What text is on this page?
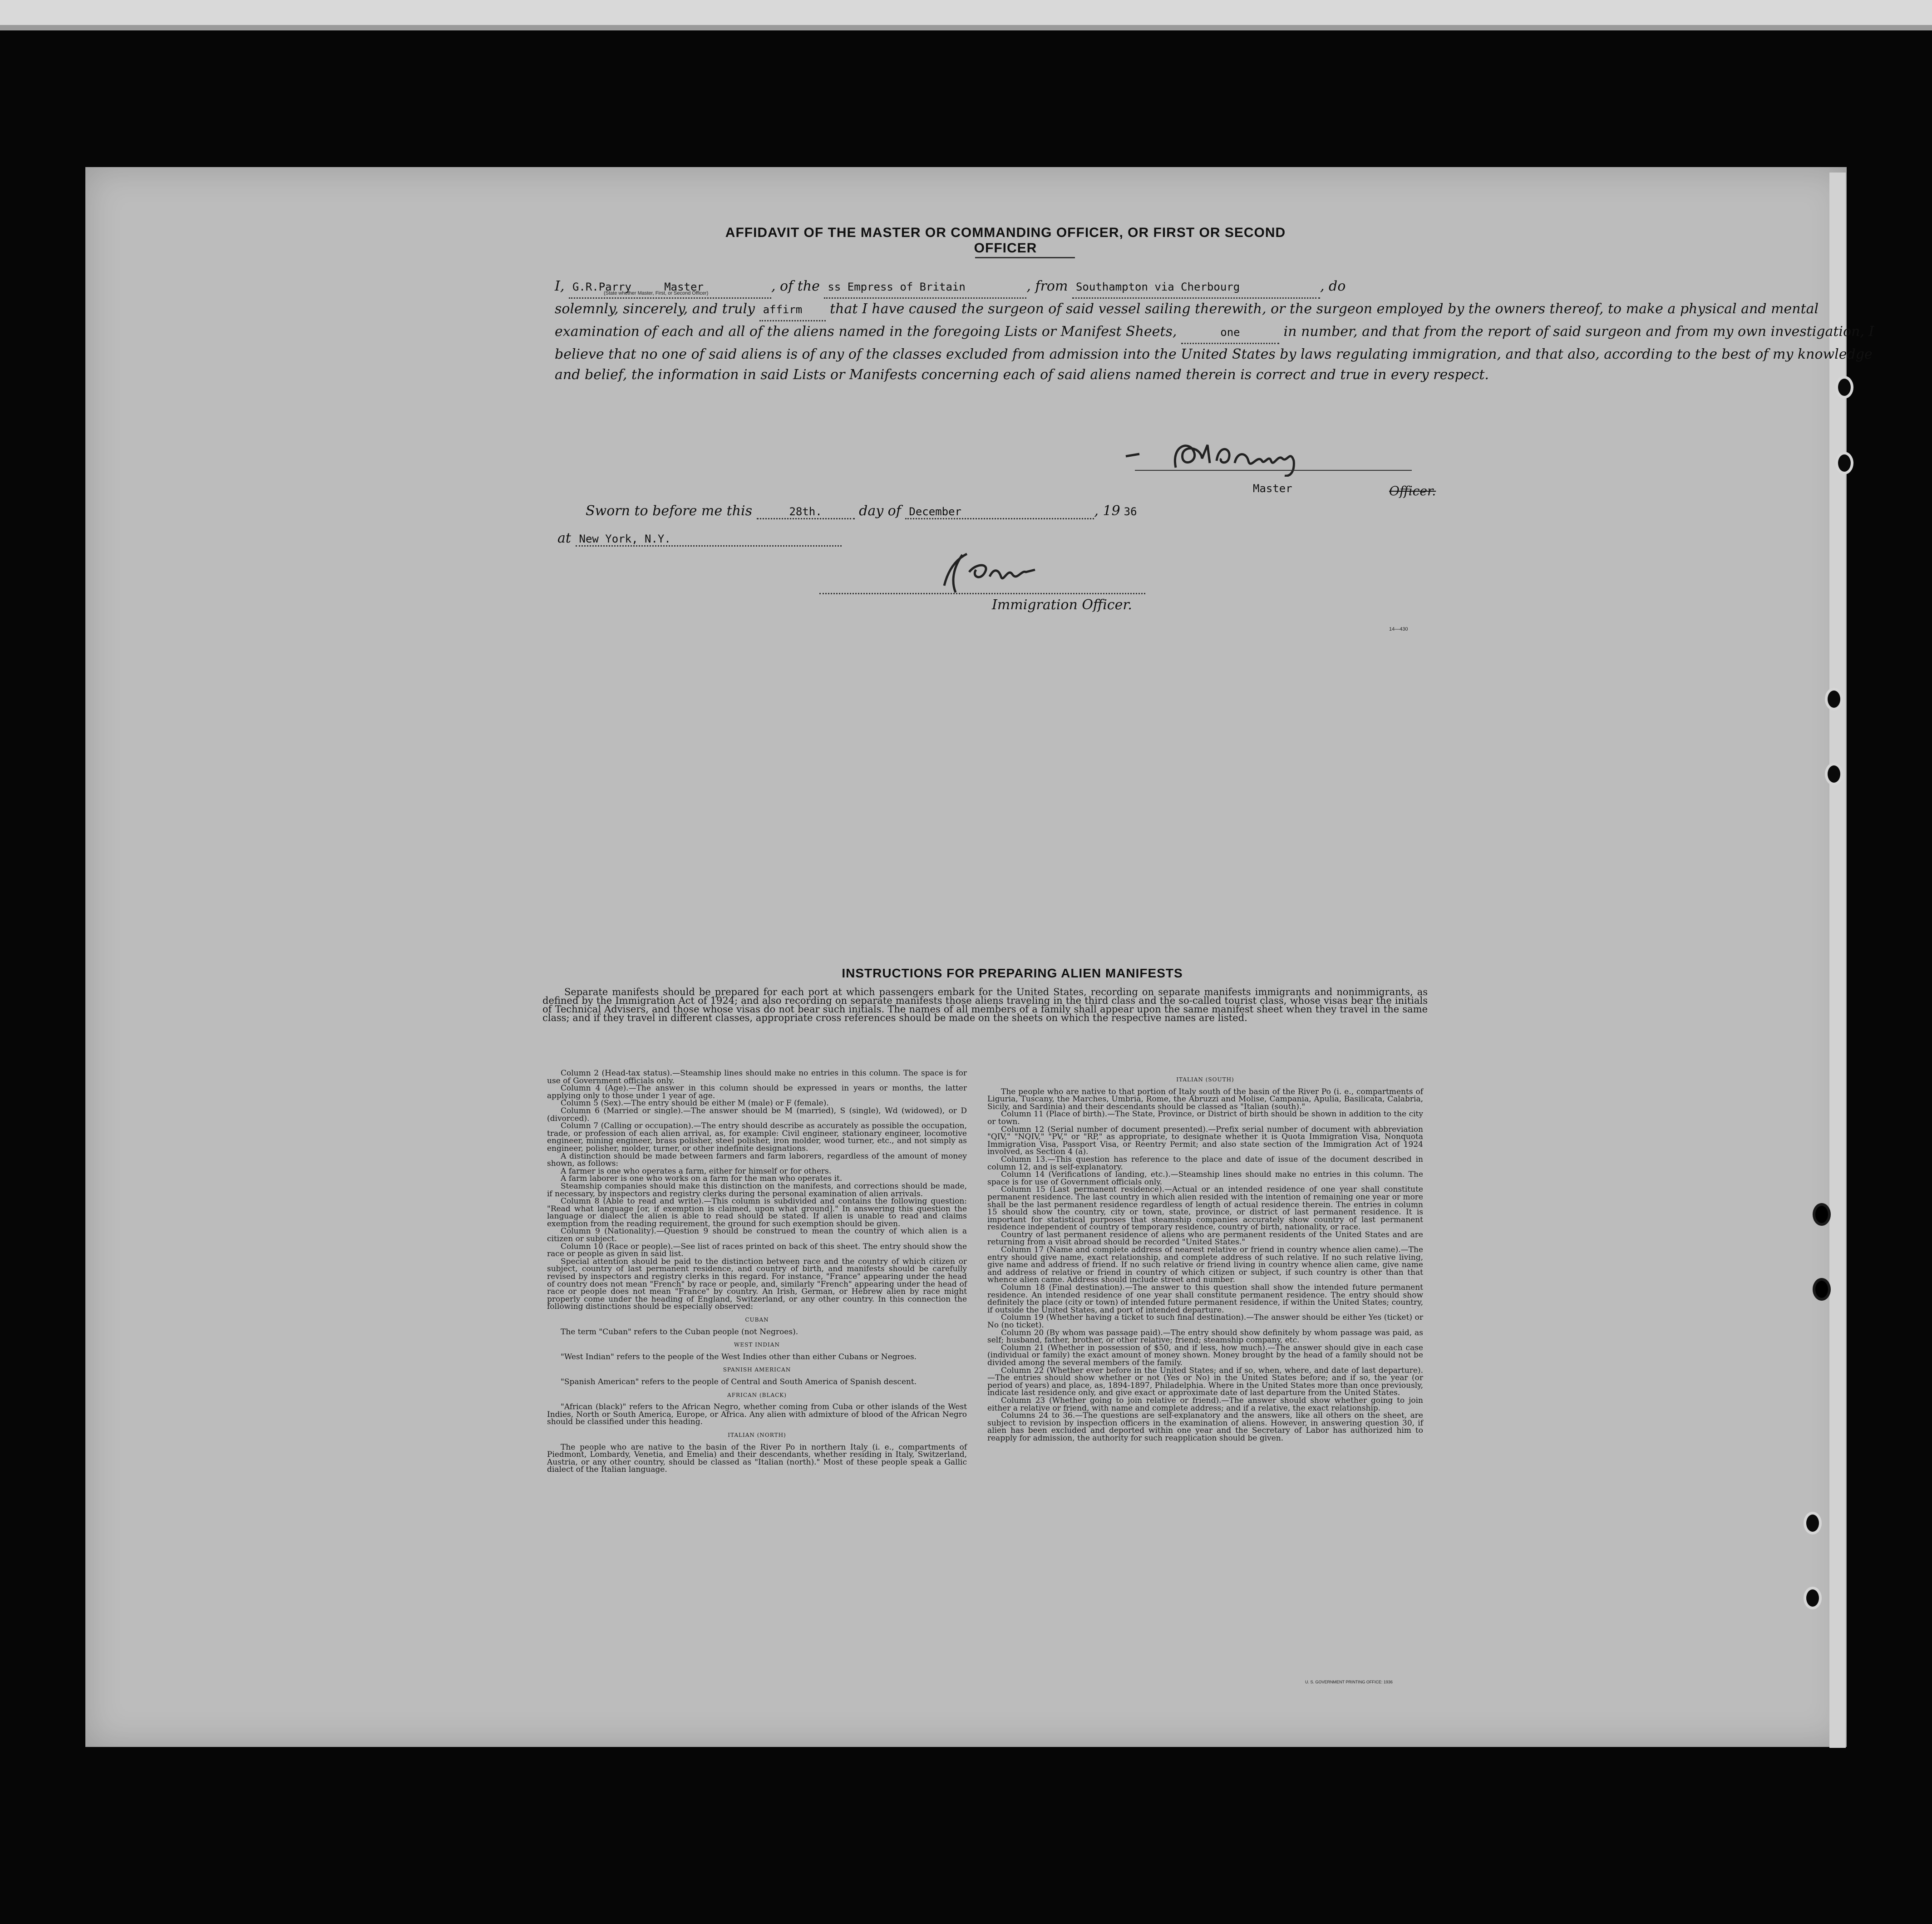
AFFIDAVIT OF THE MASTER OR COMMANDING OFFICER, OR FIRST OR SECOND OFFICER

I, G.R.Parry	Master	, of the ss Empress of Britain	, from Southampton via Cherbourg	, do

solemnly, sincerely, and truly affirm that I have caused the surgeon of said vessel sailing therewith, or the surgeon employed by the owners thereof, to make a physical and mental examination of each and all of the aliens named in the foregoing Lists or Manifest Sheets,	one	in number, and that from the report of said surgeon and from my own investigation, I believe that no one of said aliens is of any of the classes excluded from admission into the United States by laws regulating immigration, and that also, according to the best of my knowledge and belief, the information in said Lists or Manifests concerning each of said aliens named therein is correct and true in every respect.

(State whether Master, First, or Second Officer)
Master	Officer.
Sworn to before me this	28th.	day of December	, 19 36
at New York, N.Y.
Immigration Officer.
14—430
INSTRUCTIONS FOR PREPARING ALIEN MANIFESTS

Separate manifests should be prepared for each port at which passengers embark for the United States, recording on separate manifests immigrants and nonimmigrants, as defined by the Immigration Act of 1924; and also recording on separate manifests those aliens traveling in the third class and the so-called tourist class, whose visas bear the initials of Technical Advisers, and those whose visas do not bear such initials. The names of all members of a family shall appear upon the same manifest sheet when they travel in the same class; and if they travel in different classes, appropriate cross references should be made on the sheets on which the respective names are listed.

Column 2 (Head-tax status).—Steamship lines should make no entries in this column. The space is for use of Government officials only.

Column 4 (Age).—The answer in this column should be expressed in years or months, the latter applying only to those under 1 year of age.

Column 5 (Sex).—The entry should be either M (male) or F (female).

Column 6 (Married or single).—The answer should be M (married), S (single), Wd (widowed), or D (divorced).

Column 7 (Calling or occupation).—The entry should describe as accurately as possible the occupation, trade, or profession of each alien arrival, as, for example: Civil engineer, stationary engineer, locomotive engineer, mining engineer, brass polisher, steel polisher, iron molder, wood turner, etc., and not simply as engineer, polisher, molder, turner, or other indefinite designations.

A distinction should be made between farmers and farm laborers, regardless of the amount of money shown, as follows:

A farmer is one who operates a farm, either for himself or for others.

A farm laborer is one who works on a farm for the man who operates it.

Steamship companies should make this distinction on the manifests, and corrections should be made, if necessary, by inspectors and registry clerks during the personal examination of alien arrivals.

Column 8 (Able to read and write).—This column is subdivided and contains the following question: "Read what language [or, if exemption is claimed, upon what ground]." In answering this question the language or dialect the alien is able to read should be stated. If alien is unable to read and claims exemption from the reading requirement, the ground for such exemption should be given.

Column 9 (Nationality).—Question 9 should be construed to mean the country of which alien is a citizen or subject.

Column 10 (Race or people).—See list of races printed on back of this sheet. The entry should show the race or people as given in said list.

Special attention should be paid to the distinction between race and the country of which citizen or subject, country of last permanent residence, and country of birth, and manifests should be carefully revised by inspectors and registry clerks in this regard. For instance, "France" appearing under the head of country does not mean "French" by race or people, and, similarly "French" appearing under the head of race or people does not mean "France" by country. An Irish, German, or Hebrew alien by race might properly come under the heading of England, Switzerland, or any other country. In this connection the following distinctions should be especially observed:

CUBAN

The term "Cuban" refers to the Cuban people (not Negroes).

WEST INDIAN

"West Indian" refers to the people of the West Indies other than either Cubans or Negroes.

SPANISH AMERICAN

"Spanish American" refers to the people of Central and South America of Spanish descent.

AFRICAN (BLACK)

"African (black)" refers to the African Negro, whether coming from Cuba or other islands of the West Indies, North or South America, Europe, or Africa. Any alien with admixture of blood of the African Negro should be classified under this heading.

ITALIAN (NORTH)

The people who are native to the basin of the River Po in northern Italy (i. e., compartments of Piedmont, Lombardy, Venetia, and Emelia) and their descendants, whether residing in Italy, Switzerland, Austria, or any other country, should be classed as "Italian (north)." Most of these people speak a Gallic dialect of the Italian language.

ITALIAN (SOUTH)

The people who are native to that portion of Italy south of the basin of the River Po (i. e., compartments of Liguria, Tuscany, the Marches, Umbria, Rome, the Abruzzi and Molise, Campania, Apulia, Basilicata, Calabria, Sicily, and Sardinia) and their descendants should be classed as "Italian (south)."

Column 11 (Place of birth).—The State, Province, or District of birth should be shown in addition to the city or town.

Column 12 (Serial number of document presented).—Prefix serial number of document with abbreviation "QIV," "NQIV," "PV," or "RP," as appropriate, to designate whether it is Quota Immigration Visa, Nonquota Immigration Visa, Passport Visa, or Reentry Permit; and also state section of the Immigration Act of 1924 involved, as Section 4 (a).

Column 13.—This question has reference to the place and date of issue of the document described in column 12, and is self-explanatory.

Column 14 (Verifications of landing, etc.).—Steamship lines should make no entries in this column. The space is for use of Government officials only.

Column 15 (Last permanent residence).—Actual or an intended residence of one year shall constitute permanent residence. The last country in which alien resided with the intention of remaining one year or more shall be the last permanent residence regardless of length of actual residence therein. The entries in column 15 should show the country, city or town, state, province, or district of last permanent residence. It is important for statistical purposes that steamship companies accurately show country of last permanent residence independent of country of temporary residence, country of birth, nationality, or race.

Country of last permanent residence of aliens who are permanent residents of the United States and are returning from a visit abroad should be recorded "United States."

Column 17 (Name and complete address of nearest relative or friend in country whence alien came).—The entry should give name, exact relationship, and complete address of such relative. If no such relative living, give name and address of friend. If no such relative or friend living in country whence alien came, give name and address of relative or friend in country of which citizen or subject, if such country is other than that whence alien came. Address should include street and number.

Column 18 (Final destination).—The answer to this question shall show the intended future permanent residence. An intended residence of one year shall constitute permanent residence. The entry should show definitely the place (city or town) of intended future permanent residence, if within the United States; country, if outside the United States, and port of intended departure.

Column 19 (Whether having a ticket to such final destination).—The answer should be either Yes (ticket) or No (no ticket).

Column 20 (By whom was passage paid).—The entry should show definitely by whom passage was paid, as self; husband, father, brother, or other relative; friend; steamship company, etc.

Column 21 (Whether in possession of $50, and if less, how much).—The answer should give in each case (individual or family) the exact amount of money shown. Money brought by the head of a family should not be divided among the several members of the family.

Column 22 (Whether ever before in the United States; and if so, when, where, and date of last departure).—The entries should show whether or not (Yes or No) in the United States before; and if so, the year (or period of years) and place, as, 1894-1897, Philadelphia. Where in the United States more than once previously, indicate last residence only, and give exact or approximate date of last departure from the United States.

Column 23 (Whether going to join relative or friend).—The answer should show whether going to join either a relative or friend, with name and complete address; and if a relative, the exact relationship.

Columns 24 to 36.—The questions are self-explanatory and the answers, like all others on the sheet, are subject to revision by inspection officers in the examination of aliens. However, in answering question 30, if alien has been excluded and deported within one year and the Secretary of Labor has authorized him to reapply for admission, the authority for such reapplication should be given.

U. S. GOVERNMENT PRINTING OFFICE: 1936
